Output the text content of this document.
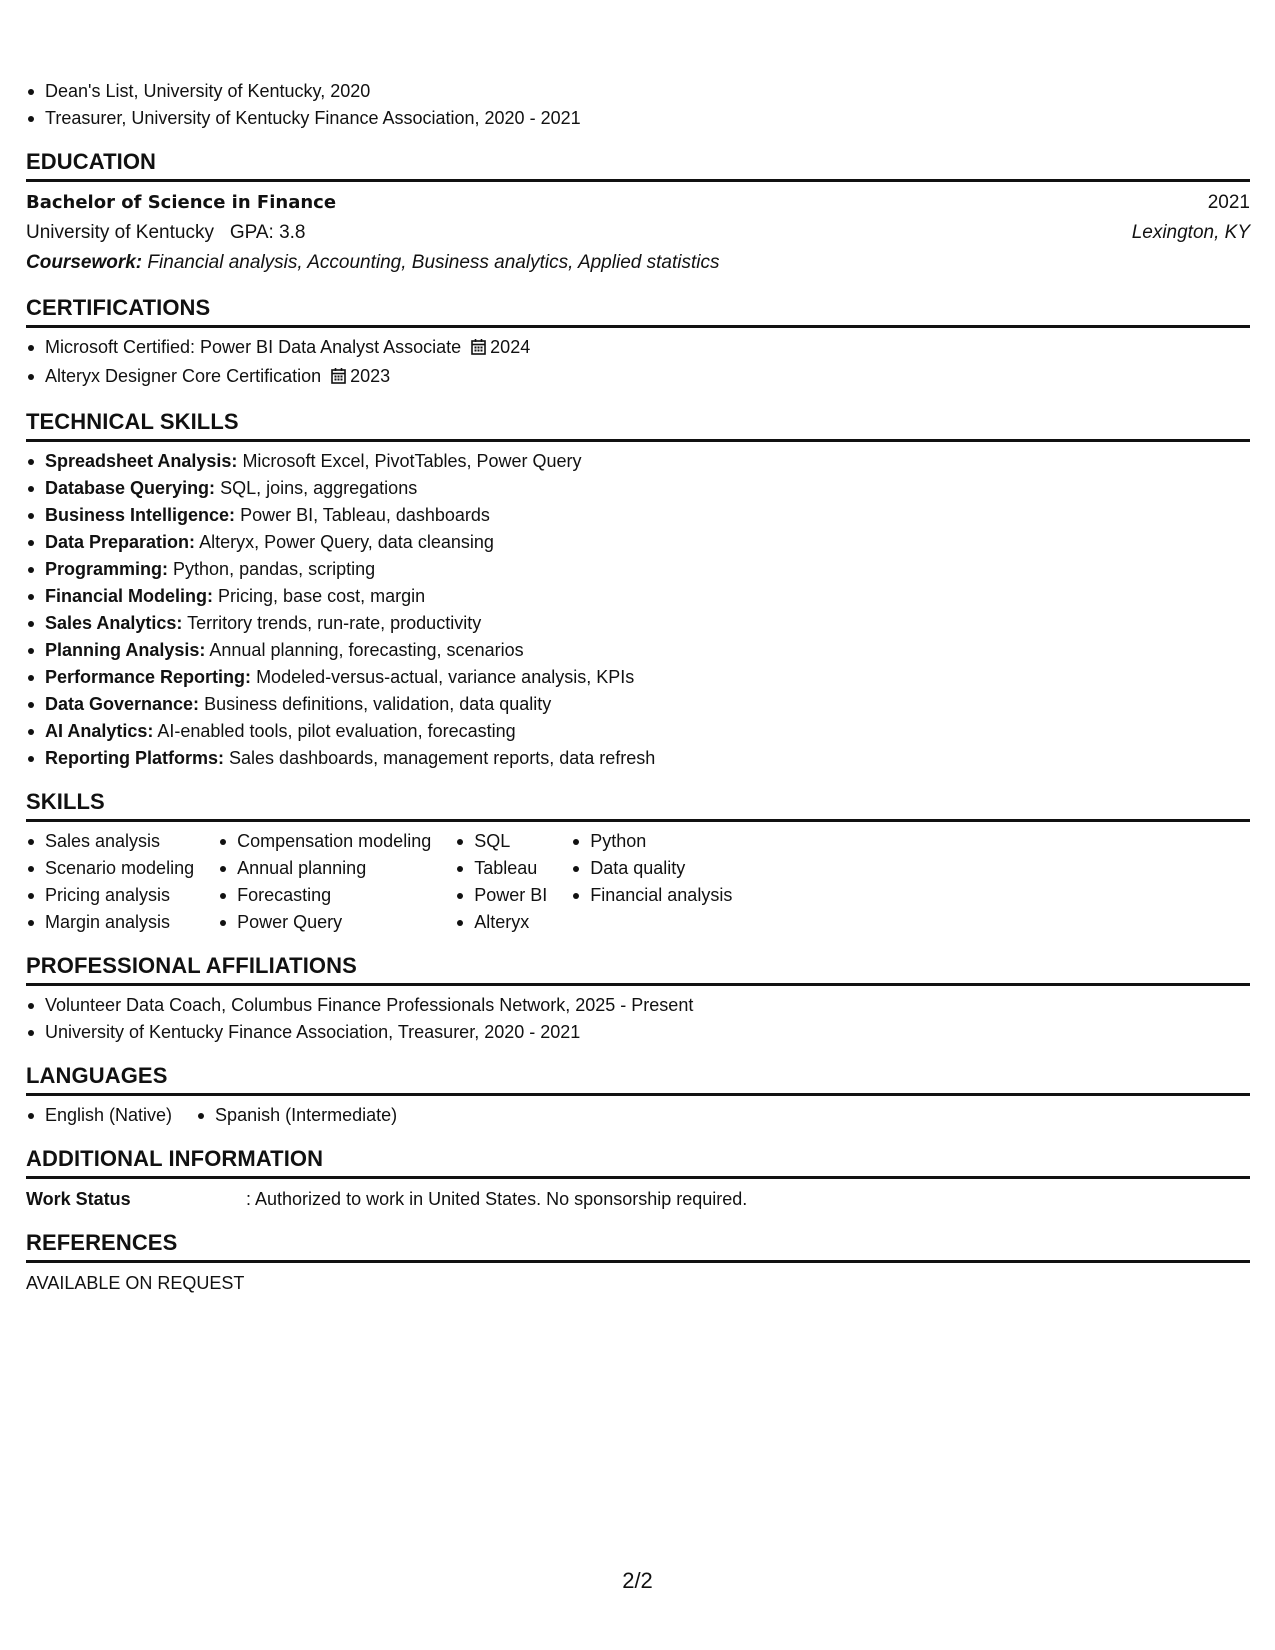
Dean's List, University of Kentucky, 2020
Treasurer, University of Kentucky Finance Association, 2020 - 2021
EDUCATION
Bachelor of Science in Finance	2021
University of Kentucky GPA: 3.8	Lexington, KY
Coursework: Financial analysis, Accounting, Business analytics, Applied statistics
CERTIFICATIONS
Microsoft Certified: Power BI Data Analyst Associate 2024
Alteryx Designer Core Certification 2023
TECHNICAL SKILLS
Spreadsheet Analysis: Microsoft Excel, PivotTables, Power Query
Database Querying: SQL, joins, aggregations
Business Intelligence: Power BI, Tableau, dashboards
Data Preparation: Alteryx, Power Query, data cleansing
Programming: Python, pandas, scripting
Financial Modeling: Pricing, base cost, margin
Sales Analytics: Territory trends, run-rate, productivity
Planning Analysis: Annual planning, forecasting, scenarios
Performance Reporting: Modeled-versus-actual, variance analysis, KPIs
Data Governance: Business definitions, validation, data quality
AI Analytics: AI-enabled tools, pilot evaluation, forecasting
Reporting Platforms: Sales dashboards, management reports, data refresh
SKILLS
Sales analysis
Scenario modeling
Pricing analysis
Margin analysis
Compensation modeling
Annual planning
Forecasting
Power Query
SQL
Tableau
Power BI
Alteryx
Python
Data quality
Financial analysis
PROFESSIONAL AFFILIATIONS
Volunteer Data Coach, Columbus Finance Professionals Network, 2025 - Present
University of Kentucky Finance Association, Treasurer, 2020 - 2021
LANGUAGES
English (Native)	Spanish (Intermediate)
ADDITIONAL INFORMATION
Work Status	: Authorized to work in United States. No sponsorship required.
REFERENCES
AVAILABLE ON REQUEST
2/2
